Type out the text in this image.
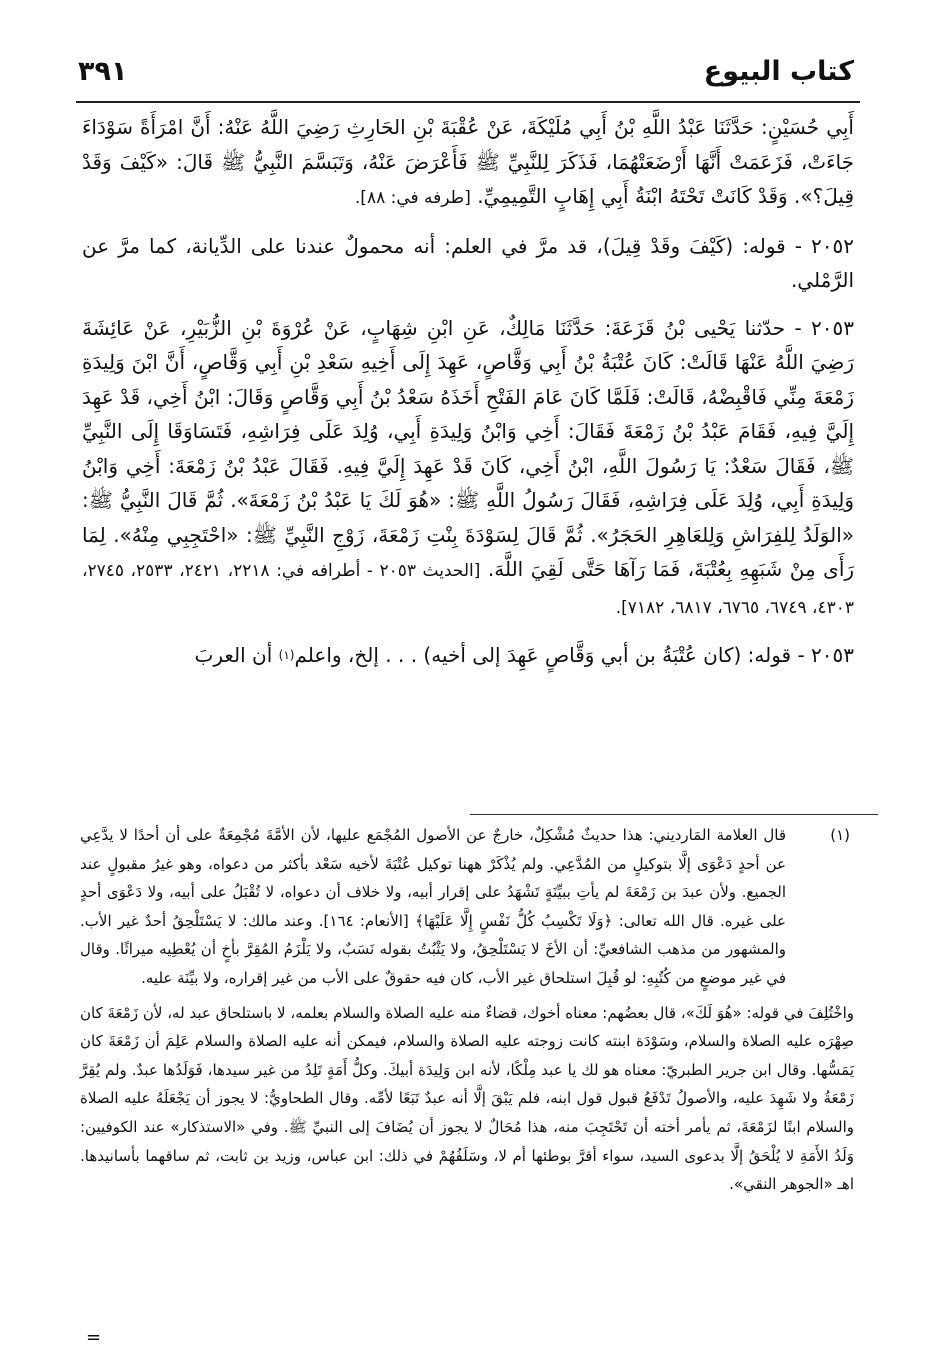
٣٩١	كتاب البيوع

أَبِي حُسَيْنٍ: حَدَّثَنَا عَبْدُ اللَّهِ بْنُ أَبِي مُلَيْكَةَ، عَنْ عُقْبَةَ بْنِ الحَارِثِ رَضِيَ اللَّهُ عَنْهُ: أَنَّ امْرَأَةً سَوْدَاءَ جَاءَتْ، فَزَعَمَتْ أَنَّهَا أَرْضَعَتْهُمَا، فَذَكَرَ لِلنَّبِيِّ ﷺ فَأَعْرَضَ عَنْهُ، وَتَبَسَّمَ النَّبِيُّ ﷺ قَالَ: «كَيْفَ وَقَدْ قِيلَ؟». وَقَدْ كَانَتْ تَحْتَهُ ابْنَةُ أَبِي إِهَابٍ التَّمِيمِيِّ. [طرفه في: ٨٨].

٢٠٥٢ - قوله: (كَيْفَ وقَدْ قِيلَ)، قد مرَّ في العلم: أنه محمولٌ عندنا على الدِّيانة، كما مرَّ عن الرَّمْلي.

٢٠٥٣ - حدّثنا يَحْيى بْنُ قَزَعَةَ: حَدَّثَنَا مَالِكٌ، عَنِ ابْنِ شِهَابٍ، عَنْ عُرْوَةَ بْنِ الزُّبَيْرِ، عَنْ عَائِشَةَ رَضِيَ اللَّهُ عَنْهَا قَالَتْ: كَانَ عُتْبَةُ بْنُ أَبِي وَقَّاصٍ، عَهِدَ إِلَى أَخِيهِ سَعْدِ بْنِ أَبِي وَقَّاصٍ، أَنَّ ابْنَ وَلِيدَةِ زَمْعَةَ مِنِّي فَاقْبِضْهُ، قَالَتْ: فَلَمَّا كَانَ عَامَ الفَتْحِ أَخَذَهُ سَعْدُ بْنُ أَبِي وَقَّاصٍ وَقَالَ: ابْنُ أَخِي، قَدْ عَهِدَ إِلَيَّ فِيهِ، فَقَامَ عَبْدُ بْنُ زَمْعَةَ فَقَالَ: أَخِي وَابْنُ وَلِيدَةِ أَبِي، وُلِدَ عَلَى فِرَاشِهِ، فَتَسَاوَقَا إِلَى النَّبِيِّ ﷺ، فَقَالَ سَعْدٌ: يَا رَسُولَ اللَّهِ، ابْنُ أَخِي، كَانَ قَدْ عَهِدَ إِلَيَّ فِيهِ. فَقَالَ عَبْدُ بْنُ زَمْعَةَ: أَخِي وَابْنُ وَلِيدَةِ أَبِي، وُلِدَ عَلَى فِرَاشِهِ، فَقَالَ رَسُولُ اللَّهِ ﷺ: «هُوَ لَكَ يَا عَبْدُ بْنُ زَمْعَةَ». ثُمَّ قَالَ النَّبِيُّ ﷺ: «الوَلَدُ لِلفِرَاشِ وَلِلعَاهِرِ الحَجَرُ». ثُمَّ قَالَ لِسَوْدَةَ بِنْتِ زَمْعَةَ، زَوْجِ النَّبِيِّ ﷺ: «احْتَجِبِي مِنْهُ». لِمَا رَأَى مِنْ شَبَهِهِ بِعُتْبَةَ، فَمَا رَآهَا حَتَّى لَقِيَ اللَّهَ. [الحديث ٢٠٥٣ - أطرافه في: ٢٢١٨، ٢٤٢١، ٢٥٣٣، ٢٧٤٥، ٤٣٠٣، ٦٧٤٩، ٦٧٦٥، ٦٨١٧، ٧١٨٢].

٢٠٥٣ - قوله: (كان عُتْبَةُ بن أبي وَقَّاصٍ عَهِدَ إلى أخيه) . . . إلخ، واعلم$^{(١)}$ أن العربَ

(١)
قال العلامة المَارديني: هذا حديثٌ مُشْكِلٌ، خارجٌ عن الأصول المُجْمَع عليها، لأن الأمَّةَ مُجْمِعَةٌ على أن أحدًا لا يدَّعِي عن أحدٍ دَعْوَى إلَّا بتوكيلٍ من المُدَّعِي. ولم يُذْكَرْ ههنا توكيل عُتْبَةَ لأخيه سَعْد بأكثر من دعواه، وهو غيرُ مقبولٍ عند الجميع. ولأن عبدَ بن زَمْعَةَ لم يأتِ ببيِّنَةٍ تَشْهَدُ على إقرار أبيه، ولا خلاف أن دعواه، لا تُقْبَلُ على أبيه، ولا دَعْوَى أحدٍ على غيره. قال الله تعالى: ﴿وَلَا تَكْسِبُ كُلُّ نَفْسٍ إِلَّا عَلَيْهَا﴾ [الأنعام: ١٦٤]. وعند مالك: لا يَسْتَلْحِقُ أحدٌ غير الأب. والمشهور من مذهب الشافعيِّ: أن الأخَ لا يَسْتَلْحِقُ، ولا يَثْبُتُ بقوله نَسَبٌ، ولا يَلْزَمُ المُقِرَّ بأخٍ أن يُعْطِيه ميراثًا. وقال في غير موضعٍ من كُتُبِهِ: لو قُبِلَ استلحاق غير الأب، كان فيه حقوقٌ على الأب من غير إقراره، ولا بيِّنَة عليه.

واخْتُلِفَ في قوله: «هُوَ لَكَ»، قال بعضُهم: معناه أخوك، قضاءٌ منه عليه الصلاة والسلام بعلمه، لا باستلحاق عبد له، لأن زَمْعَةَ كان صِهْرَه عليه الصلاة والسلام، وسَوْدَة ابنته كانت زوجته عليه الصلاة والسلام، فيمكن أنه عليه الصلاة والسلام عَلِمَ أن زَمْعَةَ كان يَمَسُّها. وقال ابن جرير الطبريّ: معناه هو لك يا عبد مِلْكًا، لأنه ابن وَلِيدَة أبيكَ. وكلُّ أَمَةٍ تَلِدُ من غير سيدها، فَوَلَدُها عبدٌ. ولم يُقِرَّ زَمْعَةُ ولا شَهِدَ عليه، والأصولُ تَدْفَعُ قبول قول ابنه، فلم يَبْقَ إلَّا أنه عبدٌ تَبَعًا لأمِّه. وقال الطحاويُّ: لا يجوز أن يَجْعَلَهُ عليه الصلاة والسلام ابنًا لزَمْعَةَ، ثم يأمر أخته أن تَحْتَجِبَ منه، هذا مُحَالٌ لا يجوز أن يُضَافَ إلى النبيِّ ﷺ. وفي «الاستذكار» عند الكوفيين: وَلَدُ الأَمَةِ لا يُلْحَقُ إلَّا بدعوى السيد، سواء أقرَّ بوطئها أم لا، وسَلَفُهُمْ في ذلك: ابن عباس، وزيد بن ثابت، ثم ساقهما بأسانيدها. اهـ «الجوهر النقي».

=
